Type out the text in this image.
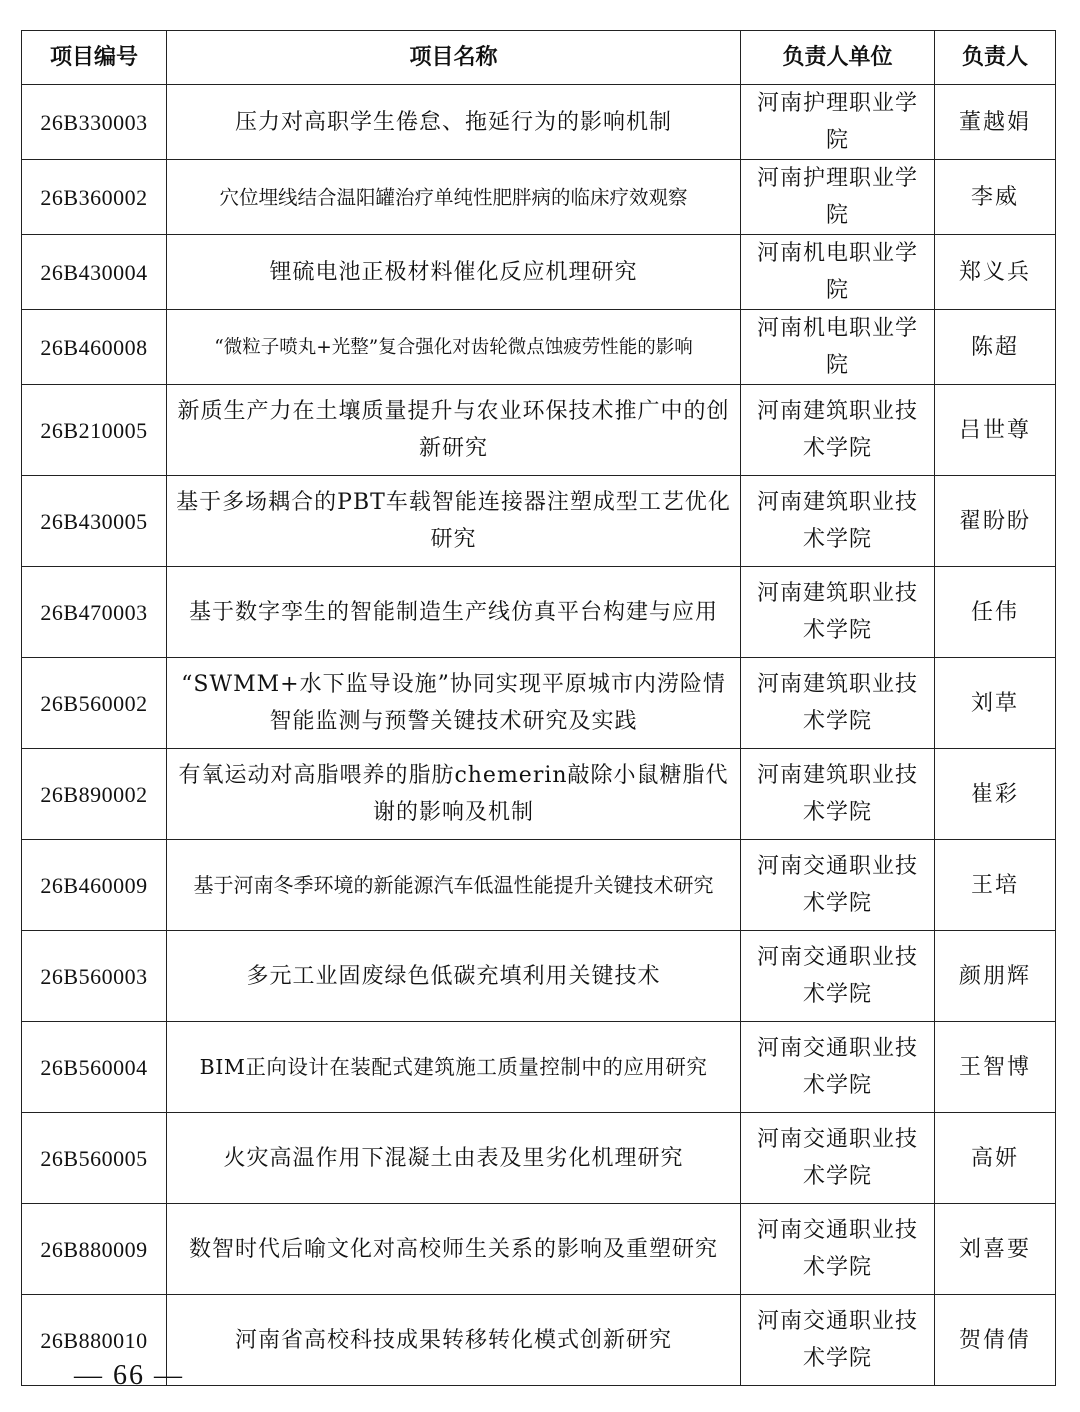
项目编号	项目名称	负责人单位	负责人
26B330003	压力对高职学生倦怠、拖延行为的影响机制	河南护理职业学院	董越娟
26B360002	穴位埋线结合温阳罐治疗单纯性肥胖病的临床疗效观察	河南护理职业学院	李威
26B430004	锂硫电池正极材料催化反应机理研究	河南机电职业学院	郑义兵
26B460008	“微粒子喷丸+光整”复合强化对齿轮微点蚀疲劳性能的影响	河南机电职业学院	陈超
26B210005	新质生产力在土壤质量提升与农业环保技术推广中的创新研究	河南建筑职业技术学院	吕世尊
26B430005	基于多场耦合的PBT车载智能连接器注塑成型工艺优化研究	河南建筑职业技术学院	翟盼盼
26B470003	基于数字孪生的智能制造生产线仿真平台构建与应用	河南建筑职业技术学院	任伟
26B560002	“SWMM+水下监导设施”协同实现平原城市内涝险情智能监测与预警关键技术研究及实践	河南建筑职业技术学院	刘草
26B890002	有氧运动对高脂喂养的脂肪chemerin敲除小鼠糖脂代谢的影响及机制	河南建筑职业技术学院	崔彩
26B460009	基于河南冬季环境的新能源汽车低温性能提升关键技术研究	河南交通职业技术学院	王培
26B560003	多元工业固废绿色低碳充填利用关键技术	河南交通职业技术学院	颜朋辉
26B560004	BIM正向设计在装配式建筑施工质量控制中的应用研究	河南交通职业技术学院	王智博
26B560005	火灾高温作用下混凝土由表及里劣化机理研究	河南交通职业技术学院	高妍
26B880009	数智时代后喻文化对高校师生关系的影响及重塑研究	河南交通职业技术学院	刘喜要
26B880010	河南省高校科技成果转移转化模式创新研究	河南交通职业技术学院	贺倩倩
— 66 —
